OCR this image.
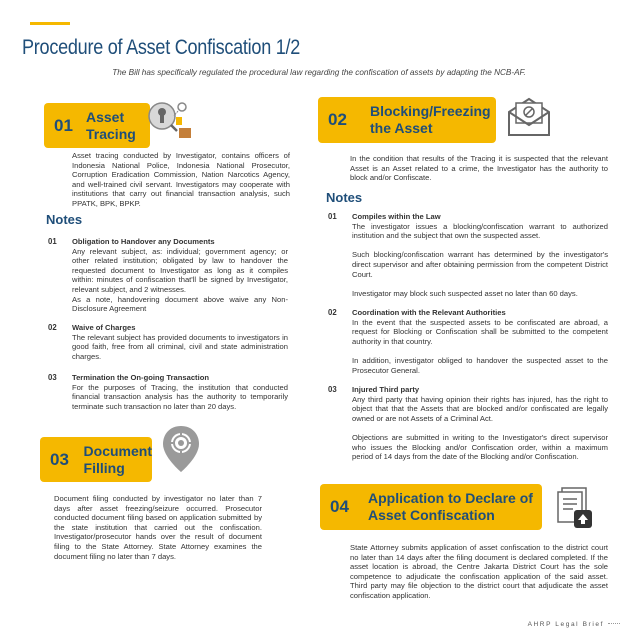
Procedure of Asset Confiscation 1/2
The Bill has specifically regulated the procedural law regarding the confiscation of assets by adapting the NCB-AF.
01 Asset
Tracing
Asset tracing conducted by Investigator, contains officers of Indonesia National Police, Indonesia National Prosecutor, Corruption Eradication Commission, Nation Narcotics Agency, and well-trained civil servant. Investigators may cooperate with institutions that carry out financial transaction analysis, such PPATK, BPK, BPKP.
Notes
01 Obligation to Handover any Documents
Any relevant subject, as: individual; government agency; or other related institution; obligated by law to handover the requested document to Investigator as long as it compiles within: minutes of confiscation that'll be signed by Investigator, relevant subject, and 2 witnesses.
As a note, handovering document above waive any Non-Disclosure Agreement
02 Waive of Charges
The relevant subject has provided documents to investigators in good faith, free from all criminal, civil and state administration charges.
03 Termination the On-going Transaction
For the purposes of Tracing, the institution that conducted financial transaction analysis has the authority to temporarily terminate such transaction no later than 20 days.
03	Document
Filling
Document filing conducted by investigator no later than 7 days after asset freezing/seizure occurred. Prosecutor conducted document filing based on application submitted by the state institution that carried out the confiscation. Investigator/prosecutor hands over the result of document filing to the State Attorney. State Attorney examines the document filing no later than 7 days.
02	Blocking/Freezing
the Asset
In the condition that results of the Tracing it is suspected that the relevant Asset is an Asset related to a crime, the Investigator has the authority to block and/or Confiscate.
Notes
01 Compiles within the Law

The investigator issues a blocking/confiscation warrant to authorized institution and the subject that own the suspected asset.

Such blocking/confiscation warrant has determined by the investigator's direct supervisor and after obtaining permission from the competent District Court.

Investigator may block such suspected asset no later than 60 days.

02 Coordination with the Relevant Authorities

In the event that the suspected assets to be confiscated are abroad, a request for Blocking or Confiscation shall be submitted to the competent authority in that country.

In addition, investigator obliged to handover the suspected asset to the Prosecutor General.

03 Injured Third party

Any third party that having opinion their rights has injured, has the right to object that that the Assets that are blocked and/or confiscated are legally owned or are not Assets of a Criminal Act.

Objections are submitted in writing to the Investigator's direct supervisor who issues the Blocking and/or Confiscation order, within a maximum period of 14 days from the date of the Blocking and/or Confiscation.

04	Application to Declare of
Asset Confiscation
State Attorney submits application of asset confiscation to the district court no later than 14 days after the filing document is declared completed. If the asset location is abroad, the Centre Jakarta District Court has the sole competence to adjudicate the confiscation application of the said asset. Third party may file objection to the district court that adjudicate the asset confiscation application.
AHRP Legal Brief
